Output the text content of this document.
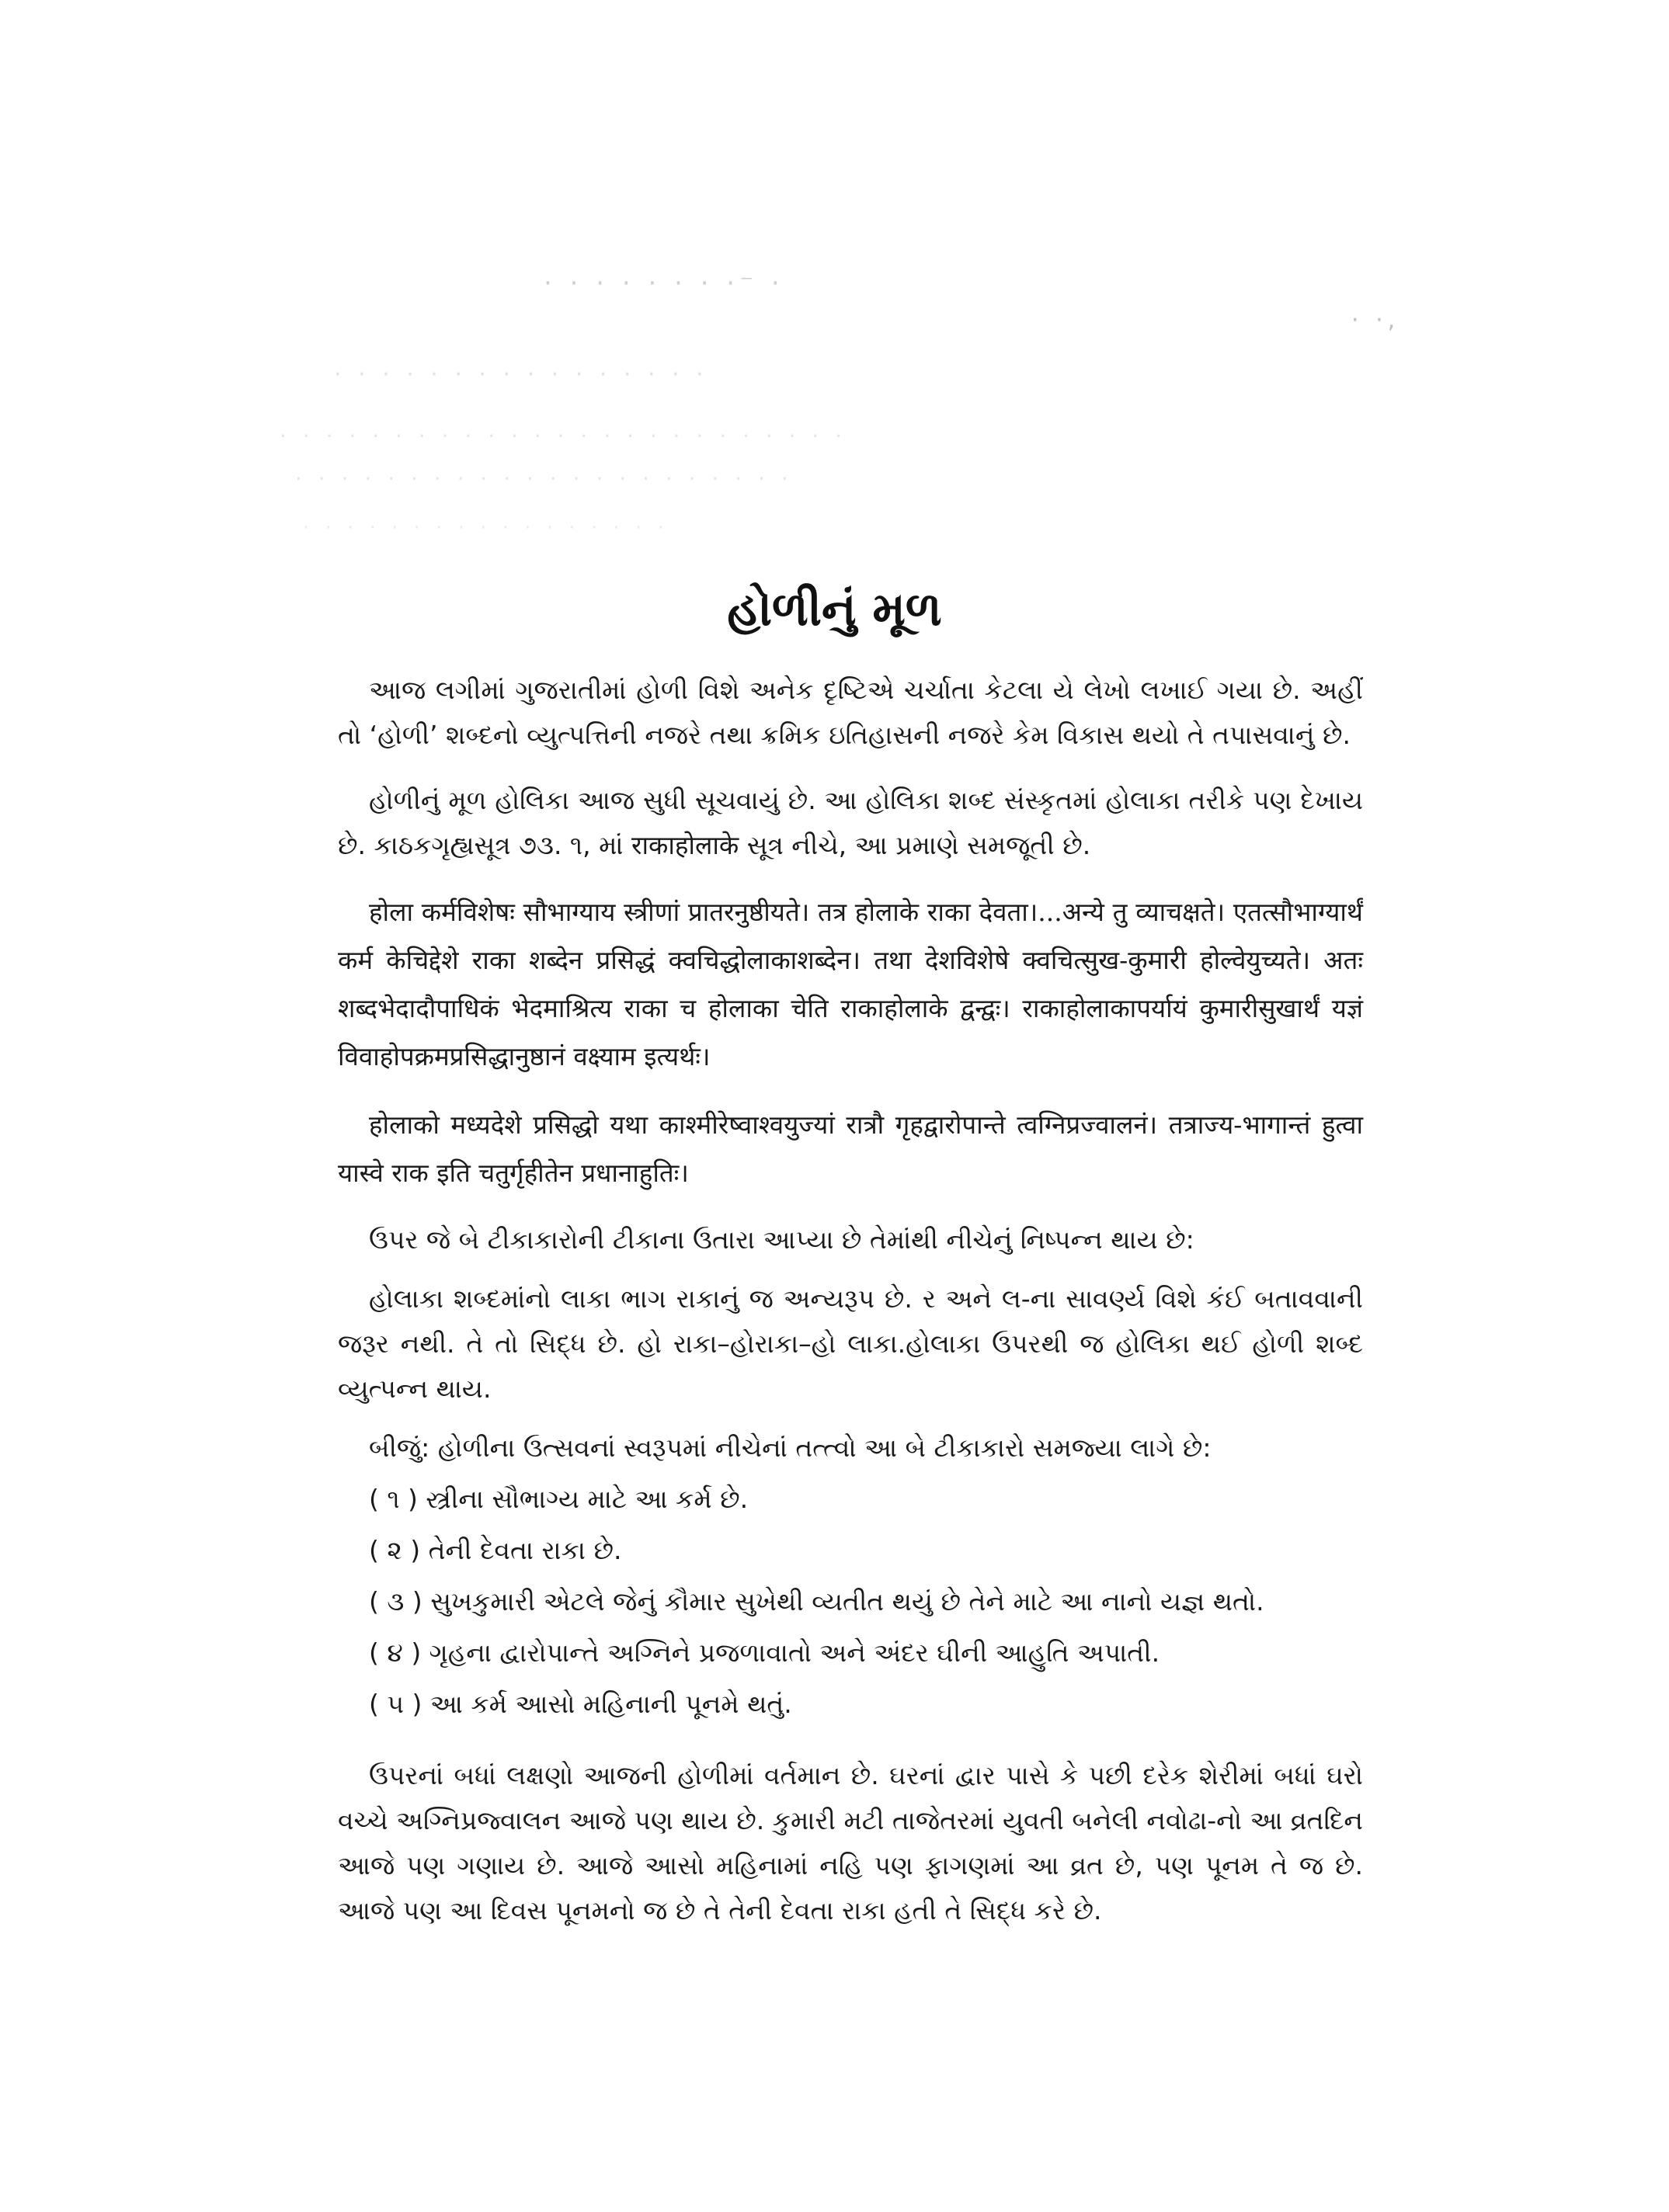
· · · · · · · ·⁻ ·
· ·,
· · · · · · · · · · · · · · · ·
· · · · · · · · · · · · · · · · · · · · · · · · ·
· · · · · · · · · · · · · · · · · · · · · ·
· · · · · · · · · · · · · · · · ·
હોળીનું મૂળ

આજ લગીમાં ગુજરાતીમાં હોળી વિશે અનેક દૃષ્ટિએ ચર્ચાતા કેટલા યે લેખો લખાઈ ગયા છે. અહીં તો ‘હોળી’ શબ્દનો વ્યુત્પત્તિની નજરે તથા ક્રમિક ઇતિહાસની નજરે કેમ વિકાસ થયો તે તપાસવાનું છે.

હોળીનું મૂળ હોલિકા આજ સુધી સૂચવાયું છે. આ હોલિકા શબ્દ સંસ્કૃતમાં હોલાકા તરીકે પણ દેખાય છે. કાઠકગૃહ્યસૂત્ર ૭૩. ૧, માં राकाहोलाके સૂત્ર નીચે, આ પ્રમાણે સમજૂતી છે.

होला कर्मविशेषः सौभाग्याय स्त्रीणां प्रातरनुष्ठीयते। तत्र होलाके राका देवता।...अन्ये तु व्याचक्षते। एतत्सौभाग्यार्थं कर्म केचिद्देशे राका शब्देन प्रसिद्धं क्वचिद्धोलाकाशब्देन। तथा देशविशेषे क्वचित्सुख-कुमारी होल्वेयुच्यते। अतः शब्दभेदादौपाधिकं भेदमाश्रित्य राका च होलाका चेति राकाहोलाके द्वन्द्वः। राकाहोलाकापर्यायं कुमारीसुखार्थं यज्ञं विवाहोपक्रमप्रसिद्धानुष्ठानं वक्ष्याम इत्यर्थः।

होलाको मध्यदेशे प्रसिद्धो यथा काश्मीरेष्वाश्वयुज्यां रात्रौ गृहद्वारोपान्ते त्वग्निप्रज्वालनं। तत्राज्य-भागान्तं हुत्वा यास्वे राक इति चतुर्गृहीतेन प्रधानाहुतिः।

ઉપર જે બે ટીકાકારોની ટીકાના ઉતારા આપ્યા છે તેમાંથી નીચેનું નિષ્પન્ન થાય છે:

હોલાકા શબ્દમાંનો લાકા ભાગ રાકાનું જ અન્યરૂપ છે. ર અને લ-ના સાવર્ણ્ય વિશે કંઈ બતાવવાની જરૂર નથી. તે તો સિદ્ધ છે. હો રાકા–હોરાકા–હો લાકા.હોલાકા ઉપરથી જ હોલિકા થઈ હોળી શબ્દ વ્યુત્પન્ન થાય.

બીજું: હોળીના ઉત્સવનાં સ્વરૂપમાં નીચેનાં તત્ત્વો આ બે ટીકાકારો સમજ્યા લાગે છે:

( ૧ ) સ્ત્રીના સૌભાગ્ય માટે આ કર્મ છે.
( ૨ ) તેની દેવતા રાકા છે.
( ૩ ) સુખકુમારી એટલે જેનું કૌમાર સુખેથી વ્યતીત થયું છે તેને માટે આ નાનો યજ્ઞ થતો.
( ૪ ) ગૃહના દ્વારોપાન્તે અગ્નિને પ્રજળાવાતો અને અંદર ઘીની આહુતિ અપાતી.
( ૫ ) આ કર્મ આસો મહિનાની પૂનમે થતું.

ઉપરનાં બધાં લક્ષણો આજની હોળીમાં વર્તમાન છે. ઘરનાં દ્વાર પાસે કે પછી દરેક શેરીમાં બધાં ઘરો વચ્ચે અગ્નિપ્રજ્વાલન આજે પણ થાય છે. કુમારી મટી તાજેતરમાં યુવતી બનેલી નવોઢા-નો આ વ્રતદિન આજે પણ ગણાય છે. આજે આસો મહિનામાં નહિ પણ ફાગણમાં આ વ્રત છે, પણ પૂનમ તે જ છે. આજે પણ આ દિવસ પૂનમનો જ છે તે તેની દેવતા રાકા હતી તે સિદ્ધ કરે છે.
